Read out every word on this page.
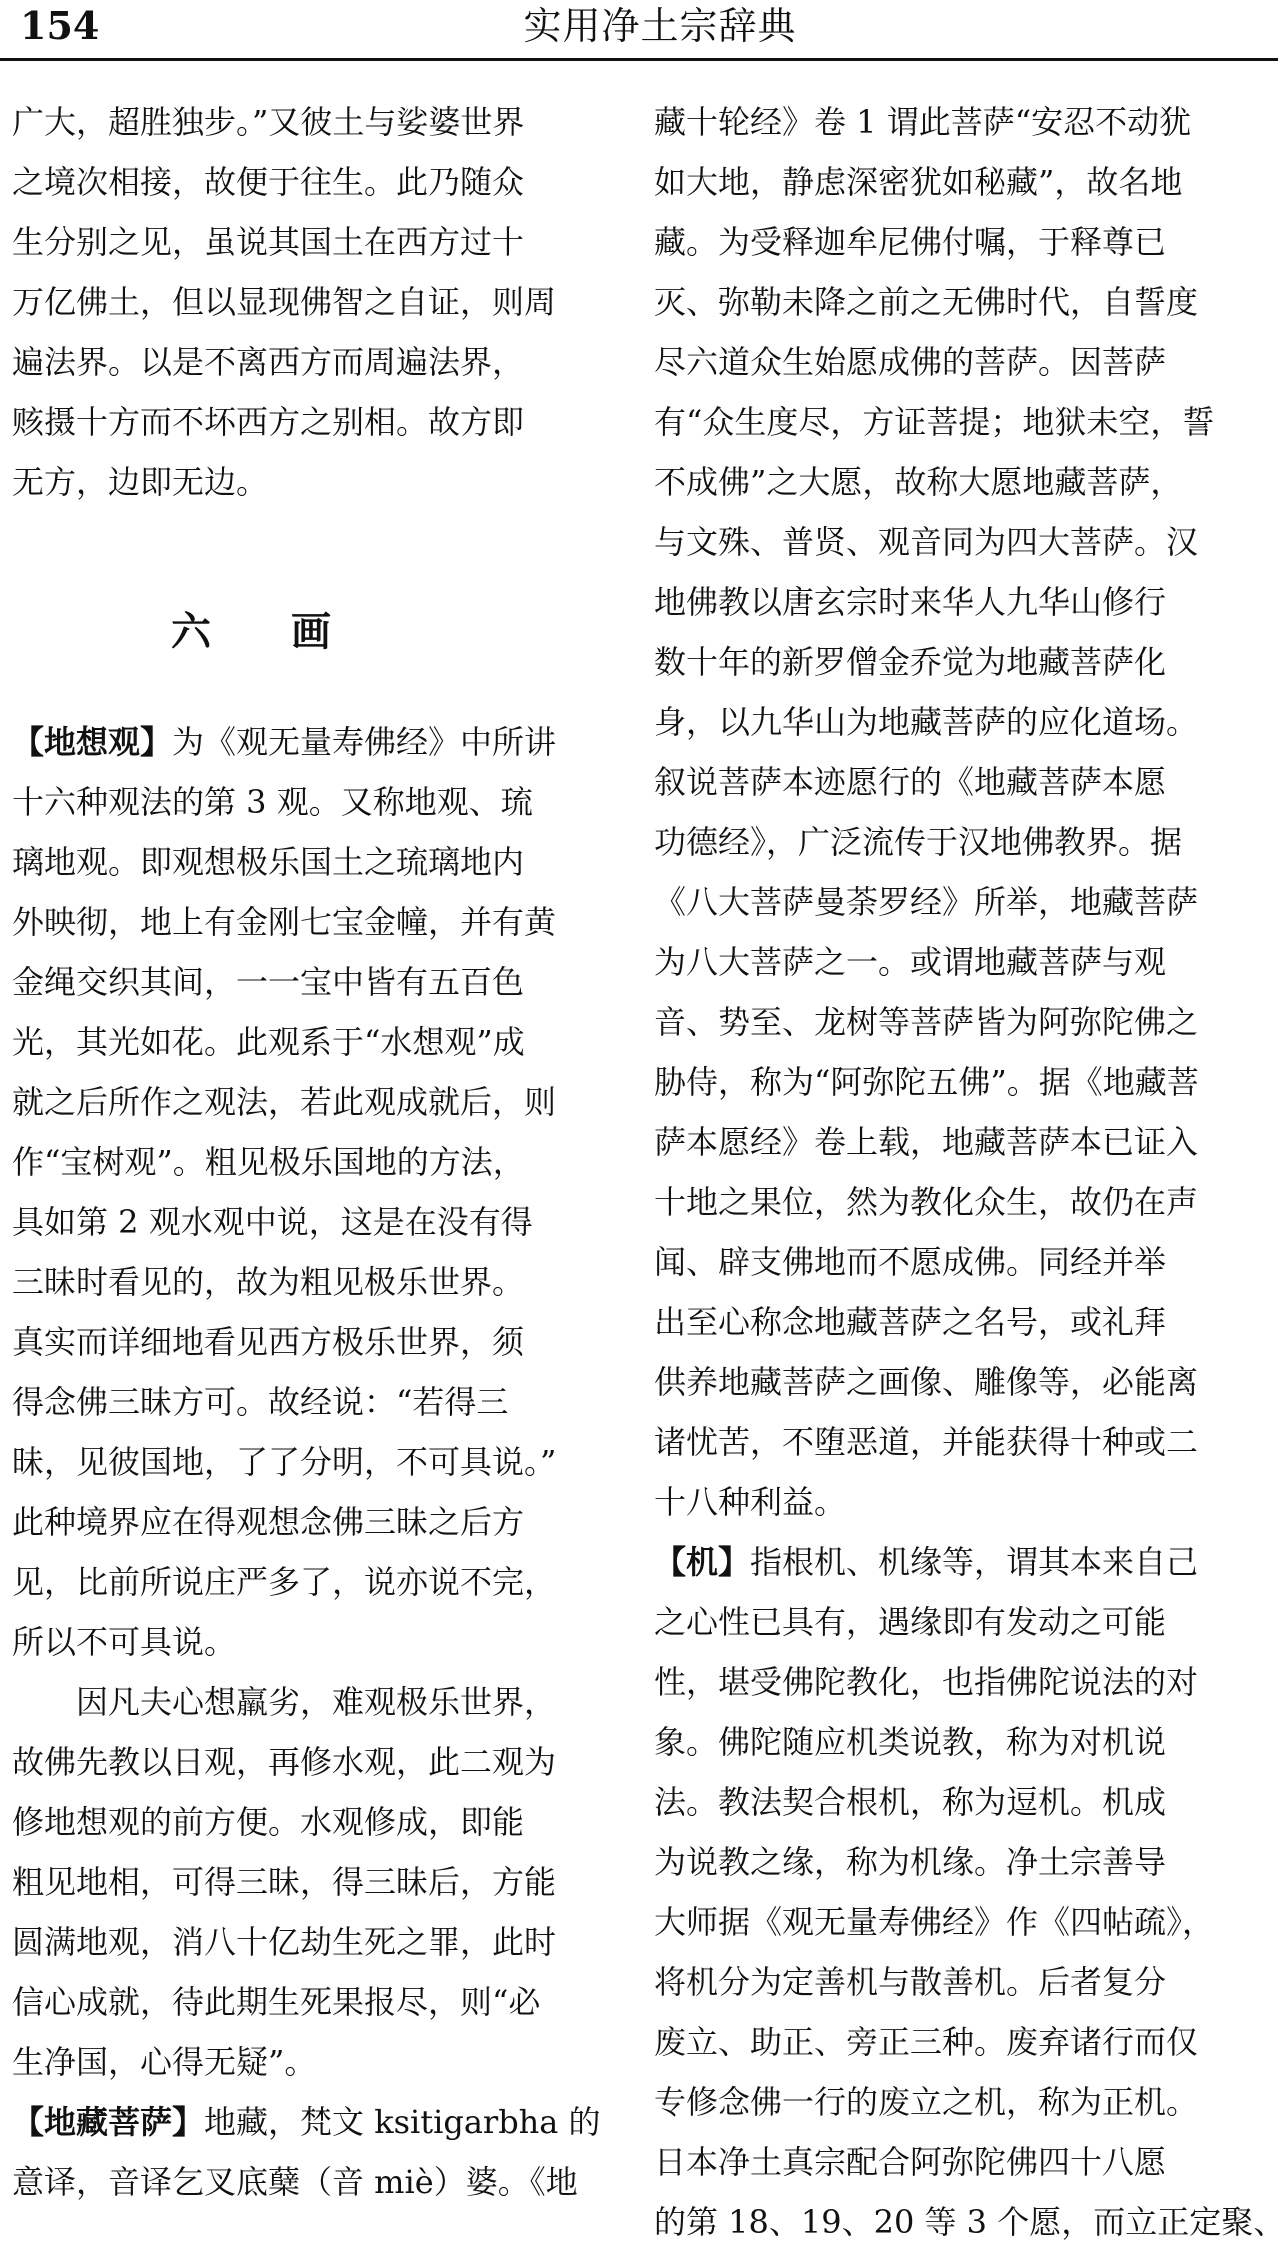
154	实用净土宗辞典
广大，超胜独步。”又彼土与娑婆世界
之境次相接，故便于往生。此乃随众
生分别之见，虽说其国土在西方过十
万亿佛土，但以显现佛智之自证，则周
遍法界。以是不离西方而周遍法界，
赅摄十方而不坏西方之别相。故方即
无方，边即无边。
六画
【地想观】为《观无量寿佛经》中所讲
十六种观法的第 3 观。又称地观、琉
璃地观。即观想极乐国土之琉璃地内
外映彻，地上有金刚七宝金幢，并有黄
金绳交织其间，一一宝中皆有五百色
光，其光如花。此观系于“水想观”成
就之后所作之观法，若此观成就后，则
作“宝树观”。粗见极乐国地的方法，
具如第 2 观水观中说，这是在没有得
三昧时看见的，故为粗见极乐世界。
真实而详细地看见西方极乐世界，须
得念佛三昧方可。故经说：“若得三
昧，见彼国地，了了分明，不可具说。”
此种境界应在得观想念佛三昧之后方
见，比前所说庄严多了，说亦说不完，
所以不可具说。
因凡夫心想羸劣，难观极乐世界，
故佛先教以日观，再修水观，此二观为
修地想观的前方便。水观修成，即能
粗见地相，可得三昧，得三昧后，方能
圆满地观，消八十亿劫生死之罪，此时
信心成就，待此期生死果报尽，则“必
生净国，心得无疑”。
【地藏菩萨】地藏，梵文 ksitigarbha 的
意译，音译乞叉底蘖（音 miè）婆。《地
藏十轮经》卷 1 谓此菩萨“安忍不动犹
如大地，静虑深密犹如秘藏”，故名地
藏。为受释迦牟尼佛付嘱，于释尊已
灭、弥勒未降之前之无佛时代，自誓度
尽六道众生始愿成佛的菩萨。因菩萨
有“众生度尽，方证菩提；地狱未空，誓
不成佛”之大愿，故称大愿地藏菩萨，
与文殊、普贤、观音同为四大菩萨。汉
地佛教以唐玄宗时来华人九华山修行
数十年的新罗僧金乔觉为地藏菩萨化
身，以九华山为地藏菩萨的应化道场。
叙说菩萨本迹愿行的《地藏菩萨本愿
功德经》，广泛流传于汉地佛教界。据
《八大菩萨曼荼罗经》所举，地藏菩萨
为八大菩萨之一。或谓地藏菩萨与观
音、势至、龙树等菩萨皆为阿弥陀佛之
胁侍，称为“阿弥陀五佛”。据《地藏菩
萨本愿经》卷上载，地藏菩萨本已证入
十地之果位，然为教化众生，故仍在声
闻、辟支佛地而不愿成佛。同经并举
出至心称念地藏菩萨之名号，或礼拜
供养地藏菩萨之画像、雕像等，必能离
诸忧苦，不堕恶道，并能获得十种或二
十八种利益。
【机】指根机、机缘等，谓其本来自己
之心性已具有，遇缘即有发动之可能
性，堪受佛陀教化，也指佛陀说法的对
象。佛陀随应机类说教，称为对机说
法。教法契合根机，称为逗机。机成
为说教之缘，称为机缘。净土宗善导
大师据《观无量寿佛经》作《四帖疏》，
将机分为定善机与散善机。后者复分
废立、助正、旁正三种。废弃诸行而仅
专修念佛一行的废立之机，称为正机。
日本净土真宗配合阿弥陀佛四十八愿
的第 18、19、20 等 3 个愿，而立正定聚、
